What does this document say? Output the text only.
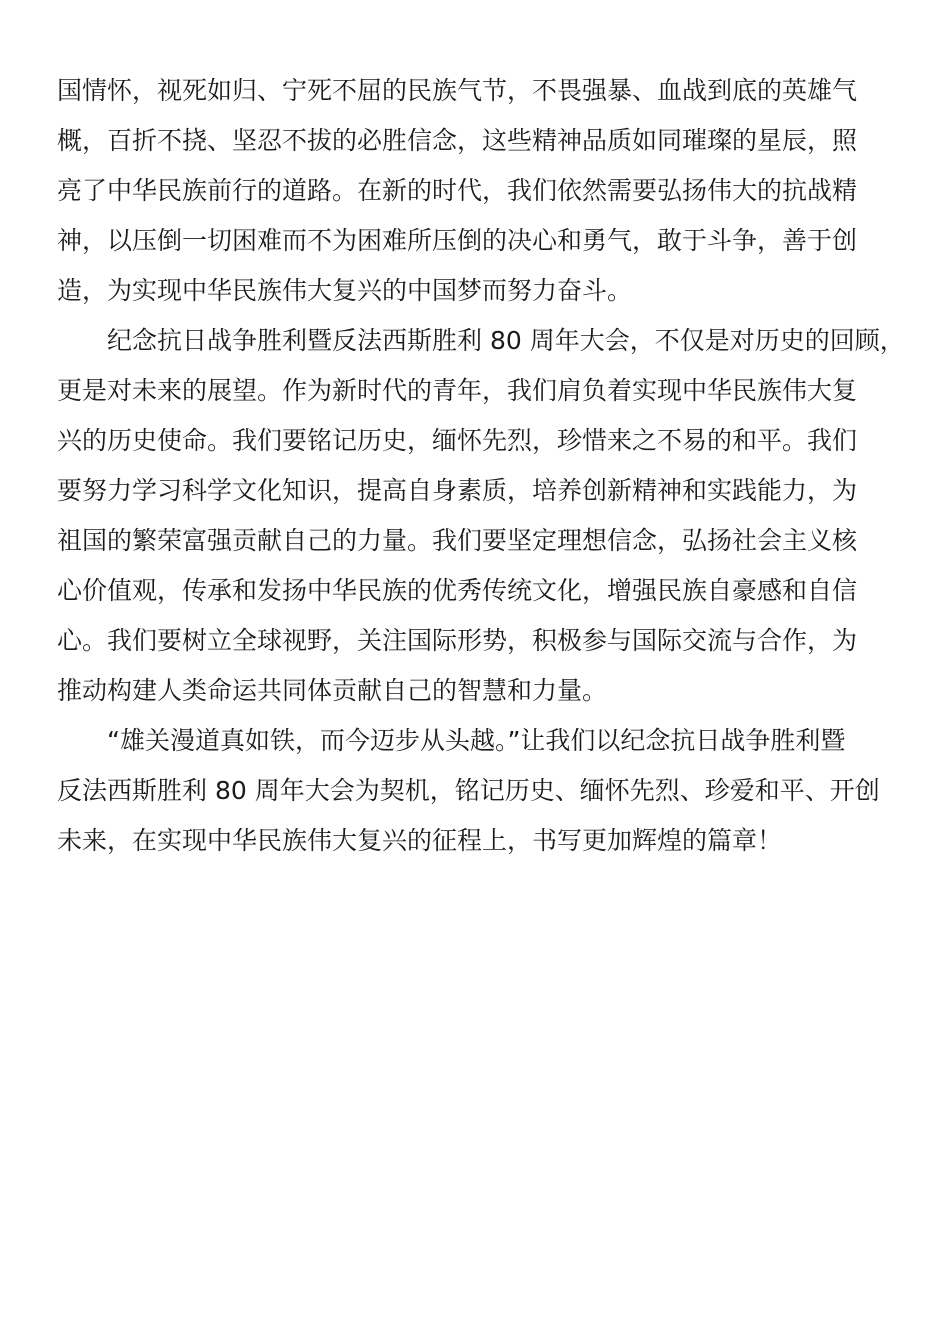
国情怀，视死如归、宁死不屈的民族气节，不畏强暴、血战到底的英雄气
概，百折不挠、坚忍不拔的必胜信念，这些精神品质如同璀璨的星辰，照
亮了中华民族前行的道路。在新的时代，我们依然需要弘扬伟大的抗战精
神，以压倒一切困难而不为困难所压倒的决心和勇气，敢于斗争，善于创
造，为实现中华民族伟大复兴的中国梦而努力奋斗。
纪念抗日战争胜利暨反法西斯胜利 80 周年大会，不仅是对历史的回顾，
更是对未来的展望。作为新时代的青年，我们肩负着实现中华民族伟大复
兴的历史使命。我们要铭记历史，缅怀先烈，珍惜来之不易的和平。我们
要努力学习科学文化知识，提高自身素质，培养创新精神和实践能力，为
祖国的繁荣富强贡献自己的力量。我们要坚定理想信念，弘扬社会主义核
心价值观，传承和发扬中华民族的优秀传统文化，增强民族自豪感和自信
心。我们要树立全球视野，关注国际形势，积极参与国际交流与合作，为
推动构建人类命运共同体贡献自己的智慧和力量。
“雄关漫道真如铁，而今迈步从头越。”让我们以纪念抗日战争胜利暨
反法西斯胜利 80 周年大会为契机，铭记历史、缅怀先烈、珍爱和平、开创
未来，在实现中华民族伟大复兴的征程上，书写更加辉煌的篇章！
